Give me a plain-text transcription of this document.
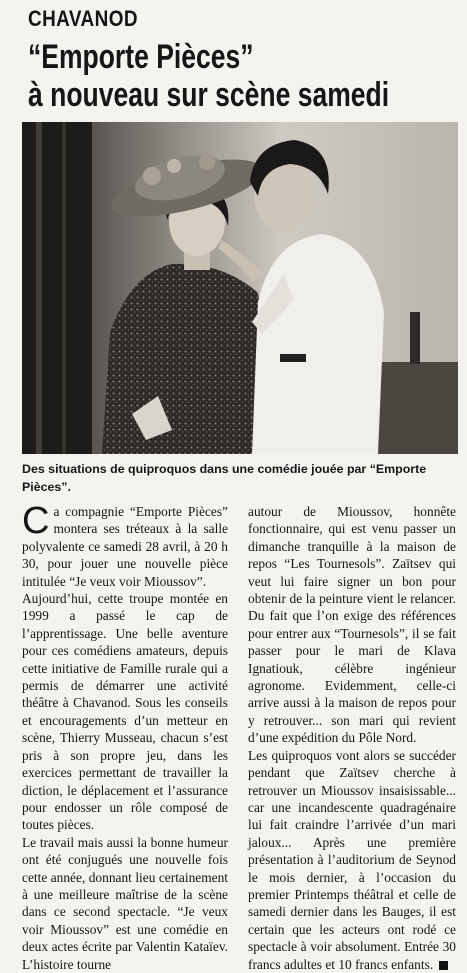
CHAVANOD
“Emporte Pièces”
à nouveau sur scène samedi
Des situations de quiproquos dans une comédie jouée par “Emporte Pièces”.

C a compagnie “Emporte Pièces” montera ses tréteaux à la salle polyvalente ce samedi 28 avril, à 20 h 30, pour jouer une nouvelle pièce intitulée “Je veux voir Mioussov”.

Aujourd’hui, cette troupe montée en 1999 a passé le cap de l’apprentissage. Une belle aventure pour ces comédiens amateurs, depuis cette initiative de Famille rurale qui a permis de démarrer une activité théâtre à Chavanod. Sous les conseils et encouragements d’un metteur en scène, Thierry Musseau, chacun s’est pris à son propre jeu, dans les exercices permettant de travailler la diction, le déplacement et l’assurance pour endosser un rôle composé de toutes pièces.

Le travail mais aussi la bonne humeur ont été conjugués une nouvelle fois cette année, donnant lieu certainement à une meilleure maîtrise de la scène dans ce second spectacle. “Je veux voir Mioussov” est une comédie en deux actes écrite par Valentin Kataïev. L’histoire tourne

autour de Mioussov, honnête fonctionnaire, qui est venu passer un dimanche tranquille à la maison de repos “Les Tournesols”. Zaïtsev qui veut lui faire signer un bon pour obtenir de la peinture vient le relancer. Du fait que l’on exige des références pour entrer aux “Tournesols”, il se fait passer pour le mari de Klava Ignatiouk, célèbre ingénieur agronome. Evidemment, celle-ci arrive aussi à la maison de repos pour y retrouver... son mari qui revient d’une expédition du Pôle Nord.

Les quiproquos vont alors se succéder pendant que Zaïtsev cherche à retrouver un Mioussov insaisissable... car une incandescente quadragénaire lui fait craindre l’arrivée d’un mari jaloux... Après une première présentation à l’auditorium de Seynod le mois dernier, à l’occasion du premier Printemps théâtral et celle de samedi dernier dans les Bauges, il est certain que les acteurs ont rodé ce spectacle à voir absolument. Entrée 30 francs adultes et 10 francs enfants.
